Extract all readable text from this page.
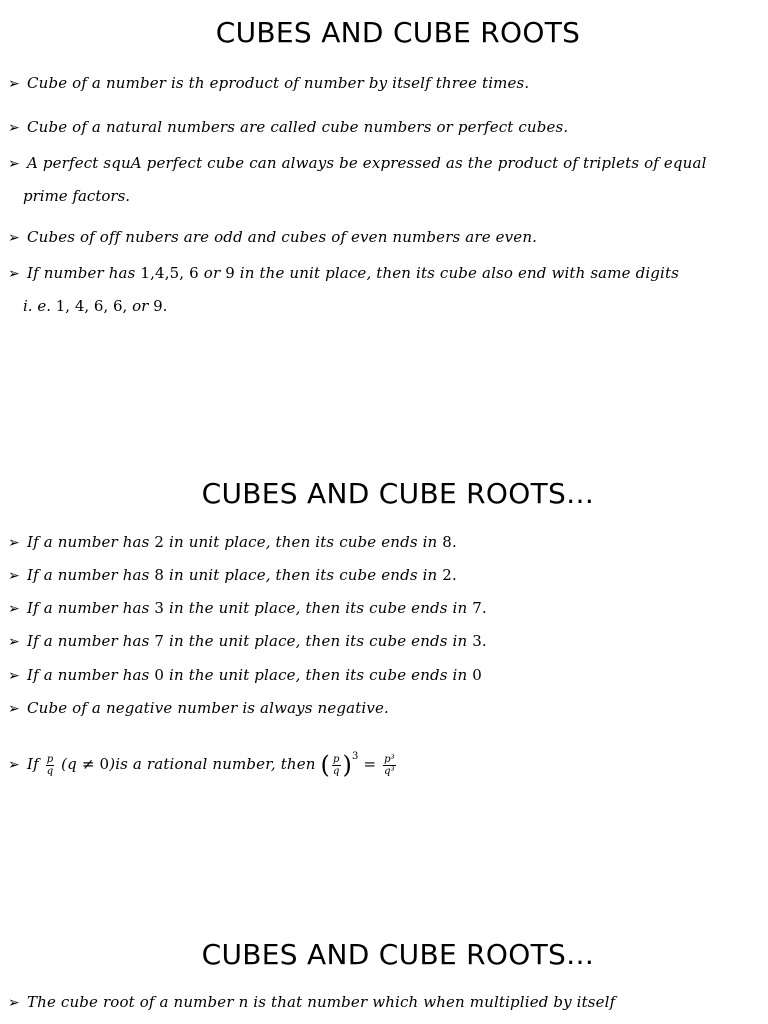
CUBES AND CUBE ROOTS
➢ Cube of a number is th eproduct of number by itself three times.
➢ Cube of a natural numbers are called cube numbers or perfect cubes.
➢ A perfect squA perfect cube can always be expressed as the product of triplets of equal
prime factors.
➢ Cubes of off nubers are odd and cubes of even numbers are even.
➢ If number has 1,4,5, 6 or 9 in the unit place, then its cube also end with same digits
i. e. 1, 4, 6, 6, or 9.
CUBES AND CUBE ROOTS…
➢ If a number has 2 in unit place, then its cube ends in 8.
➢ If a number has 8 in unit place, then its cube ends in 2.
➢ If a number has 3 in the unit place, then its cube ends in 7.
➢ If a number has 7 in the unit place, then its cube ends in 3.
➢ If a number has 0 in the unit place, then its cube ends in 0
➢ Cube of a negative number is always negative.
➢ If $\frac{p}{q} (q \ne 0)is$ a rational number, then ( $\frac{p}{q} )^3 = \frac{\text{p³}}{\text{q³}}$
CUBES AND CUBE ROOTS…
➢ The cube root of a number n is that number which when multiplied by itself
